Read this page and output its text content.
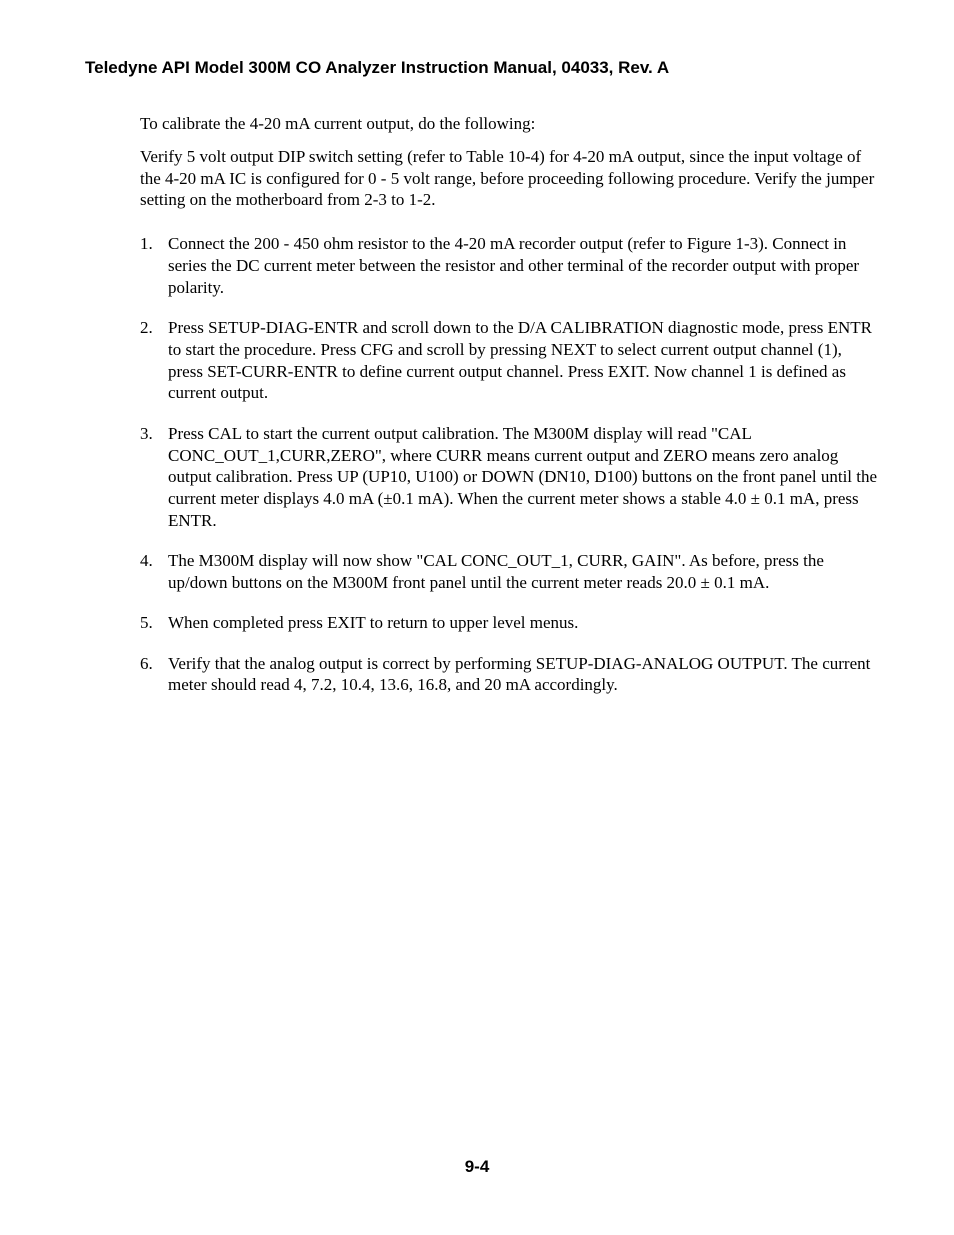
Teledyne API Model 300M CO Analyzer Instruction Manual, 04033, Rev. A

To calibrate the 4-20 mA current output, do the following:

Verify 5 volt output DIP switch setting (refer to Table 10-4) for 4-20 mA output, since the input voltage of the 4-20 mA IC is configured for 0 - 5 volt range, before proceeding following procedure. Verify the jumper setting on the motherboard from 2-3 to 1-2.

1. Connect the 200 - 450 ohm resistor to the 4-20 mA recorder output (refer to Figure 1-3). Connect in series the DC current meter between the resistor and other terminal of the recorder output with proper polarity.
2. Press SETUP-DIAG-ENTR and scroll down to the D/A CALIBRATION diagnostic mode, press ENTR to start the procedure. Press CFG and scroll by pressing NEXT to select current output channel (1), press SET-CURR-ENTR to define current output channel. Press EXIT. Now channel 1 is defined as current output.
3. Press CAL to start the current output calibration. The M300M display will read "CAL CONC_OUT_1,CURR,ZERO", where CURR means current output and ZERO means zero analog output calibration. Press UP (UP10, U100) or DOWN (DN10, D100) buttons on the front panel until the current meter displays 4.0 mA (±0.1 mA). When the current meter shows a stable 4.0 ± 0.1 mA, press ENTR.
4. The M300M display will now show "CAL CONC_OUT_1, CURR, GAIN". As before, press the up/down buttons on the M300M front panel until the current meter reads 20.0 ± 0.1 mA.
5. When completed press EXIT to return to upper level menus.
6. Verify that the analog output is correct by performing SETUP-DIAG-ANALOG OUTPUT. The current meter should read 4, 7.2, 10.4, 13.6, 16.8, and 20 mA accordingly.
9-4
